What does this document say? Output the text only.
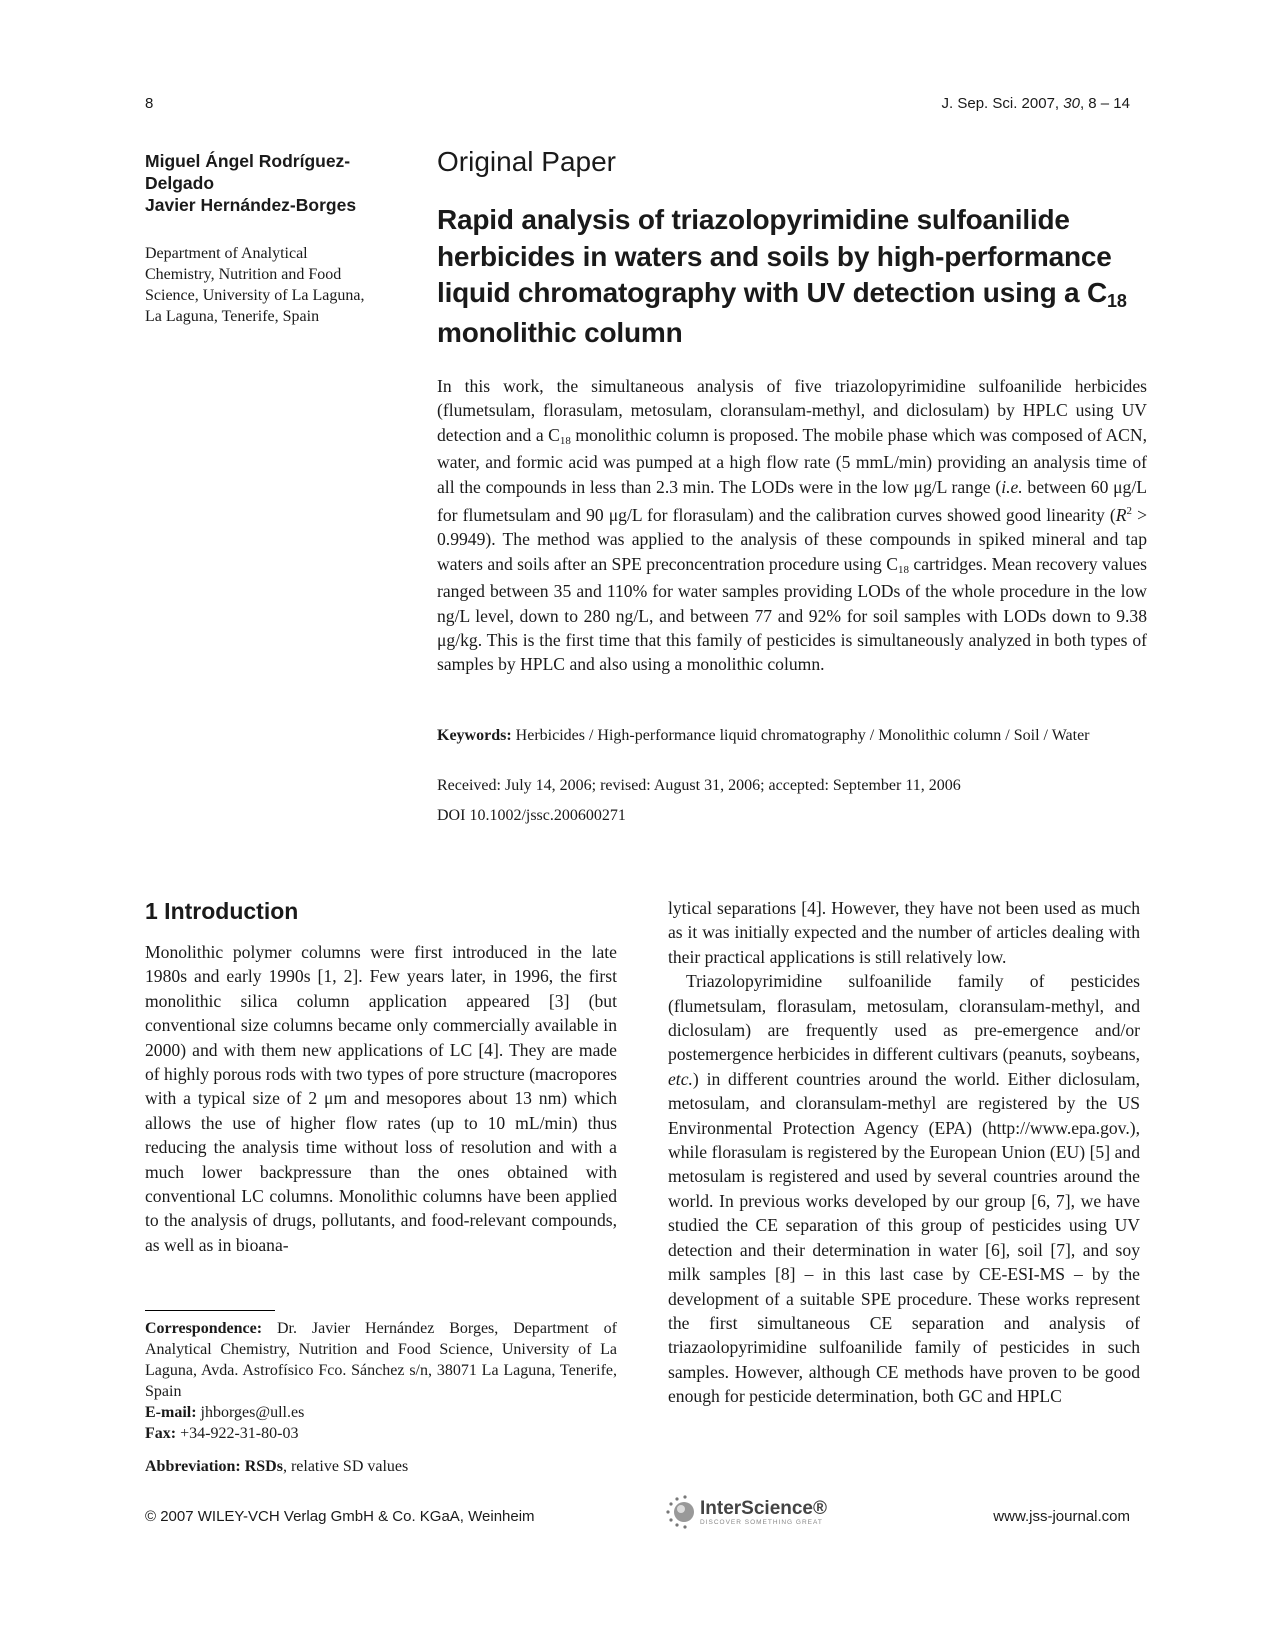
8	J. Sep. Sci. 2007, 30, 8 – 14
Miguel Ángel Rodríguez-
Delgado
Javier Hernández-Borges
Department of Analytical
Chemistry, Nutrition and Food
Science, University of La Laguna,
La Laguna, Tenerife, Spain
Original Paper
Rapid analysis of triazolopyrimidine sulfoanilide herbicides in waters and soils by high-performance liquid chromatography with UV detection using a $C_{18}$ monolithic column
In this work, the simultaneous analysis of five triazolopyrimidine sulfoanilide herbicides (flumetsulam, florasulam, metosulam, cloransulam-methyl, and diclosulam) by HPLC using UV detection and a $C_{18}$ monolithic column is proposed. The mobile phase which was composed of ACN, water, and formic acid was pumped at a high flow rate (5 mmL/min) providing an analysis time of all the compounds in less than 2.3 min. The LODs were in the low μg/L range (i.e. between 60 μg/L for flumetsulam and 90 μg/L for florasulam) and the calibration curves showed good linearity $(R^2 > 0.9949)$. The method was applied to the analysis of these compounds in spiked mineral and tap waters and soils after an SPE preconcentration procedure using $C_{18}$ cartridges. Mean recovery values ranged between 35 and 110% for water samples providing LODs of the whole procedure in the low ng/L level, down to 280 ng/L, and between 77 and 92% for soil samples with LODs down to 9.38 μg/kg. This is the first time that this family of pesticides is simultaneously analyzed in both types of samples by HPLC and also using a monolithic column.
Keywords: Herbicides / High-performance liquid chromatography / Monolithic column / Soil / Water
Received: July 14, 2006; revised: August 31, 2006; accepted: September 11, 2006
DOI 10.1002/jssc.200600271
1 Introduction

Monolithic polymer columns were first introduced in the late 1980s and early 1990s [1, 2]. Few years later, in 1996, the first monolithic silica column application appeared [3] (but conventional size columns became only commercially available in 2000) and with them new applications of LC [4]. They are made of highly porous rods with two types of pore structure (macropores with a typical size of 2 μm and mesopores about 13 nm) which allows the use of higher flow rates (up to 10 mL/min) thus reducing the analysis time without loss of resolution and with a much lower backpressure than the ones obtained with conventional LC columns. Monolithic columns have been applied to the analysis of drugs, pollutants, and food-relevant compounds, as well as in bioana-

lytical separations [4]. However, they have not been used as much as it was initially expected and the number of articles dealing with their practical applications is still relatively low.

Triazolopyrimidine sulfoanilide family of pesticides (flumetsulam, florasulam, metosulam, cloransulam-methyl, and diclosulam) are frequently used as pre-emergence and/or postemergence herbicides in different cultivars (peanuts, soybeans, etc.) in different countries around the world. Either diclosulam, metosulam, and cloransulam-methyl are registered by the US Environmental Protection Agency (EPA) (http://www.epa.gov.), while florasulam is registered by the European Union (EU) [5] and metosulam is registered and used by several countries around the world. In previous works developed by our group [6, 7], we have studied the CE separation of this group of pesticides using UV detection and their determination in water [6], soil [7], and soy milk samples [8] – in this last case by CE-ESI-MS – by the development of a suitable SPE procedure. These works represent the first simultaneous CE separation and analysis of triazaolopyrimidine sulfoanilide family of pesticides in such samples. However, although CE methods have proven to be good enough for pesticide determination, both GC and HPLC

Correspondence: Dr. Javier Hernández Borges, Department of Analytical Chemistry, Nutrition and Food Science, University of La Laguna, Avda. Astrofísico Fco. Sánchez s/n, 38071 La Laguna, Tenerife, Spain

E-mail: jhborges@ull.es

Fax: +34-922-31-80-03

Abbreviation: RSDs, relative SD values
© 2007 WILEY-VCH Verlag GmbH & Co. KGaA, Weinheim	InterScience®
DISCOVER SOMETHING GREAT	www.jss-journal.com
